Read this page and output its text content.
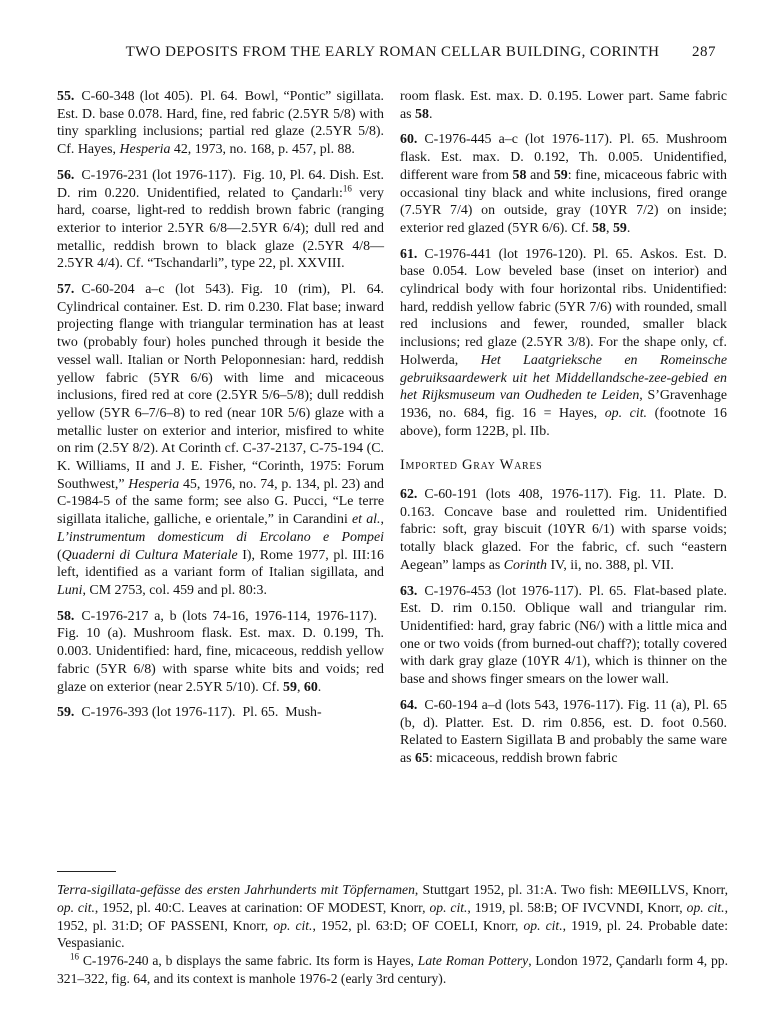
TWO DEPOSITS FROM THE EARLY ROMAN CELLAR BUILDING, CORINTH 287

55. C-60-348 (lot 405). Pl. 64. Bowl, “Pontic” sigillata. Est. D. base 0.078. Hard, fine, red fabric (2.5YR 5/8) with tiny sparkling inclusions; partial red glaze (2.5YR 5/8). Cf. Hayes, Hesperia 42, 1973, no. 168, p. 457, pl. 88.

56. C-1976-231 (lot 1976-117). Fig. 10, Pl. 64. Dish. Est. D. rim 0.220. Unidentified, related to Çandarlı:$^{16}$ very hard, coarse, light-red to reddish brown fabric (ranging exterior to interior 2.5YR 6/8—2.5YR 6/4); dull red and metallic, reddish brown to black glaze (2.5YR 4/8—2.5YR 4/4). Cf. “Tschandarli”, type 22, pl. XXVIII.

57. C-60-204 a–c (lot 543). Fig. 10 (rim), Pl. 64. Cylindrical container. Est. D. rim 0.230. Flat base; inward projecting flange with triangular termination has at least two (probably four) holes punched through it beside the vessel wall. Italian or North Peloponnesian: hard, reddish yellow fabric (5YR 6/6) with lime and micaceous inclusions, fired red at core (2.5YR 5/6–5/8); dull reddish yellow (5YR 6–7/6–8) to red (near 10R 5/6) glaze with a metallic luster on exterior and interior, misfired to white on rim (2.5Y 8/2). At Corinth cf. C-37-2137, C-75-194 (C. K. Williams, II and J. E. Fisher, “Corinth, 1975: Forum Southwest,” Hesperia 45, 1976, no. 74, p. 134, pl. 23) and C-1984-5 of the same form; see also G. Pucci, “Le terre sigillata italiche, galliche, e orientale,” in Carandini et al., L’instrumentum domesticum di Ercolano e Pompei (Quaderni di Cultura Materiale I), Rome 1977, pl. III:16 left, identified as a variant form of Italian sigillata, and Luni, CM 2753, col. 459 and pl. 80:3.

58. C-1976-217 a, b (lots 74-16, 1976-114, 1976-117). Fig. 10 (a). Mushroom flask. Est. max. D. 0.199, Th. 0.003. Unidentified: hard, fine, micaceous, reddish yellow fabric (5YR 6/8) with sparse white bits and voids; red glaze on exterior (near 2.5YR 5/10). Cf. 59, 60.

59. C-1976-393 (lot 1976-117). Pl. 65. Mush-

room flask. Est. max. D. 0.195. Lower part. Same fabric as 58.

60. C-1976-445 a–c (lot 1976-117). Pl. 65. Mushroom flask. Est. max. D. 0.192, Th. 0.005. Unidentified, different ware from 58 and 59: fine, micaceous fabric with occasional tiny black and white inclusions, fired orange (7.5YR 7/4) on outside, gray (10YR 7/2) on inside; exterior red glazed (5YR 6/6). Cf. 58, 59.

61. C-1976-441 (lot 1976-120). Pl. 65. Askos. Est. D. base 0.054. Low beveled base (inset on interior) and cylindrical body with four horizontal ribs. Unidentified: hard, reddish yellow fabric (5YR 7/6) with rounded, small red inclusions and fewer, rounded, smaller black inclusions; red glaze (2.5YR 3/8). For the shape only, cf. Holwerda, Het Laatgrieksche en Romeinsche gebruiksaardewerk uit het Middellandsche-zee-gebied en het Rijksmuseum van Oudheden te Leiden, S’Gravenhage 1936, no. 684, fig. 16 = Hayes, op. cit. (footnote 16 above), form 122B, pl. IIb.

Imported Gray Wares

62. C-60-191 (lots 408, 1976-117). Fig. 11. Plate. D. 0.163. Concave base and rouletted rim. Unidentified fabric: soft, gray biscuit (10YR 6/1) with sparse voids; totally black glazed. For the fabric, cf. such “eastern Aegean” lamps as Corinth IV, ii, no. 388, pl. VII.

63. C-1976-453 (lot 1976-117). Pl. 65. Flat-based plate. Est. D. rim 0.150. Oblique wall and triangular rim. Unidentified: hard, gray fabric (N6/) with a little mica and one or two voids (from burned-out chaff?); totally covered with dark gray glaze (10YR 4/1), which is thinner on the base and shows finger smears on the lower wall.

64. C-60-194 a–d (lots 543, 1976-117). Fig. 11 (a), Pl. 65 (b, d). Platter. Est. D. rim 0.856, est. D. foot 0.560. Related to Eastern Sigillata B and probably the same ware as 65: micaceous, reddish brown fabric

Terra-sigillata-gefässe des ersten Jahrhunderts mit Töpfernamen, Stuttgart 1952, pl. 31:A. Two fish: MEΘILLVS, Knorr, op. cit., 1952, pl. 40:C. Leaves at carination: OF MODEST, Knorr, op. cit., 1919, pl. 58:B; OF IVCVNDI, Knorr, op. cit., 1952, pl. 31:D; OF PASSENI, Knorr, op. cit., 1952, pl. 63:D; OF COELI, Knorr, op. cit., 1919, pl. 24. Probable date: Vespasianic.

$^{16}$ C-1976-240 a, b displays the same fabric. Its form is Hayes, Late Roman Pottery, London 1972, Çandarlı form 4, pp. 321–322, fig. 64, and its context is manhole 1976-2 (early 3rd century).
